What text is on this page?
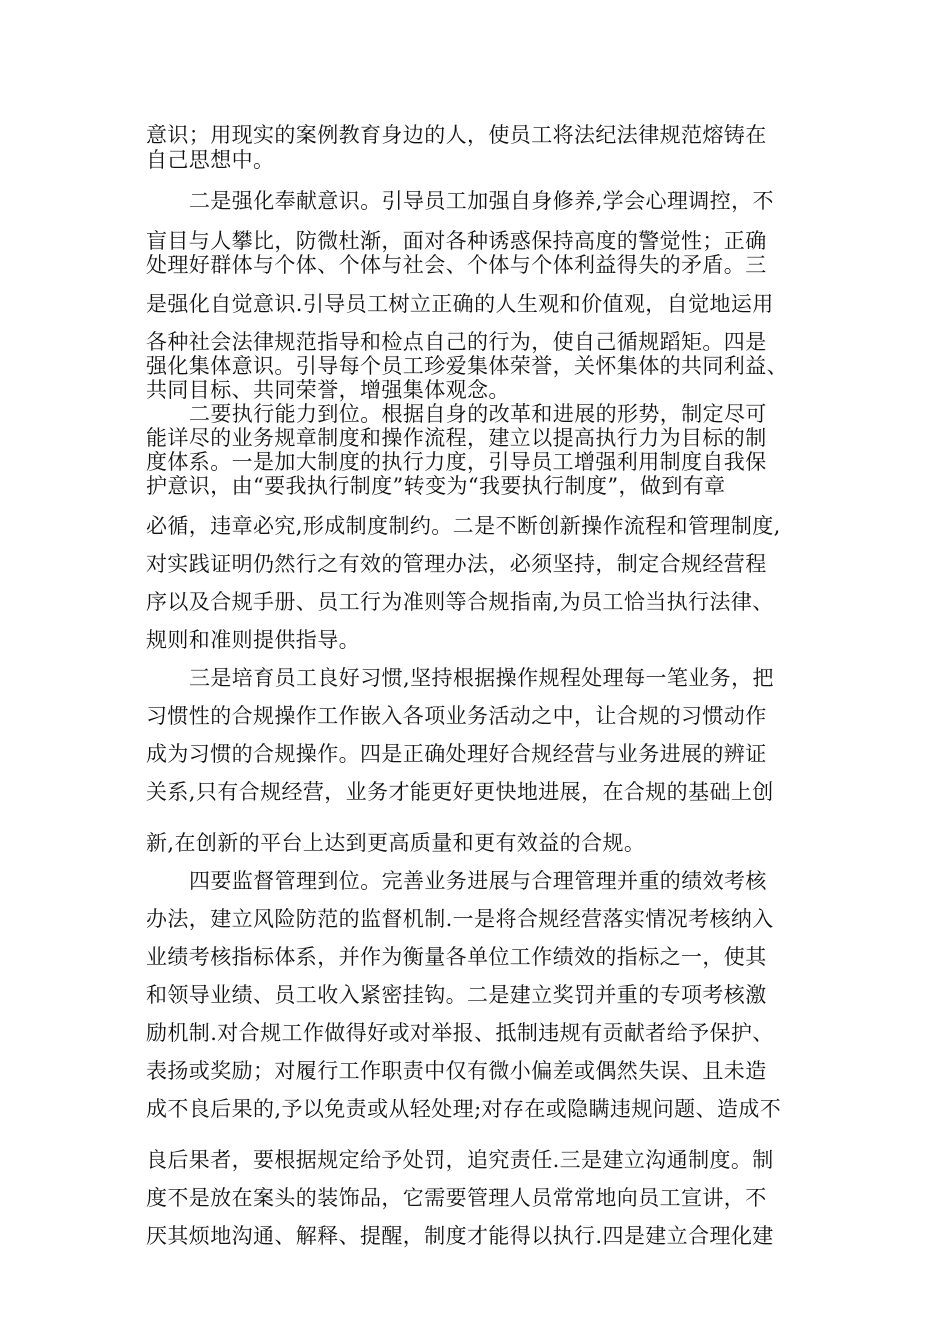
意识；用现实的案例教育身边的人，使员工将法纪法律规范熔铸在
自己思想中。
二是强化奉献意识。引导员工加强自身修养,学会心理调控，不
盲目与人攀比，防微杜渐，面对各种诱惑保持高度的警觉性；正确
处理好群体与个体、个体与社会、个体与个体利益得失的矛盾。三
是强化自觉意识.引导员工树立正确的人生观和价值观，自觉地运用
各种社会法律规范指导和检点自己的行为，使自己循规蹈矩。四是
强化集体意识。引导每个员工珍爱集体荣誉，关怀集体的共同利益、
共同目标、共同荣誉，增强集体观念。
二要执行能力到位。根据自身的改革和进展的形势，制定尽可
能详尽的业务规章制度和操作流程，建立以提高执行力为目标的制
度体系。一是加大制度的执行力度，引导员工增强利用制度自我保
护意识，由“要我执行制度”转变为“我要执行制度”，做到有章
必循，违章必究,形成制度制约。二是不断创新操作流程和管理制度,
对实践证明仍然行之有效的管理办法，必须坚持，制定合规经营程
序以及合规手册、员工行为准则等合规指南,为员工恰当执行法律、
规则和准则提供指导。
三是培育员工良好习惯,坚持根据操作规程处理每一笔业务，把
习惯性的合规操作工作嵌入各项业务活动之中，让合规的习惯动作
成为习惯的合规操作。四是正确处理好合规经营与业务进展的辨证
关系,只有合规经营，业务才能更好更快地进展，在合规的基础上创
新,在创新的平台上达到更高质量和更有效益的合规。
四要监督管理到位。完善业务进展与合理管理并重的绩效考核
办法，建立风险防范的监督机制.一是将合规经营落实情况考核纳入
业绩考核指标体系，并作为衡量各单位工作绩效的指标之一，使其
和领导业绩、员工收入紧密挂钩。二是建立奖罚并重的专项考核激
励机制.对合规工作做得好或对举报、抵制违规有贡献者给予保护、
表扬或奖励；对履行工作职责中仅有微小偏差或偶然失误、且未造
成不良后果的,予以免责或从轻处理;对存在或隐瞒违规问题、造成不
良后果者，要根据规定给予处罚，追究责任.三是建立沟通制度。制
度不是放在案头的装饰品，它需要管理人员常常地向员工宣讲，不
厌其烦地沟通、解释、提醒，制度才能得以执行.四是建立合理化建
